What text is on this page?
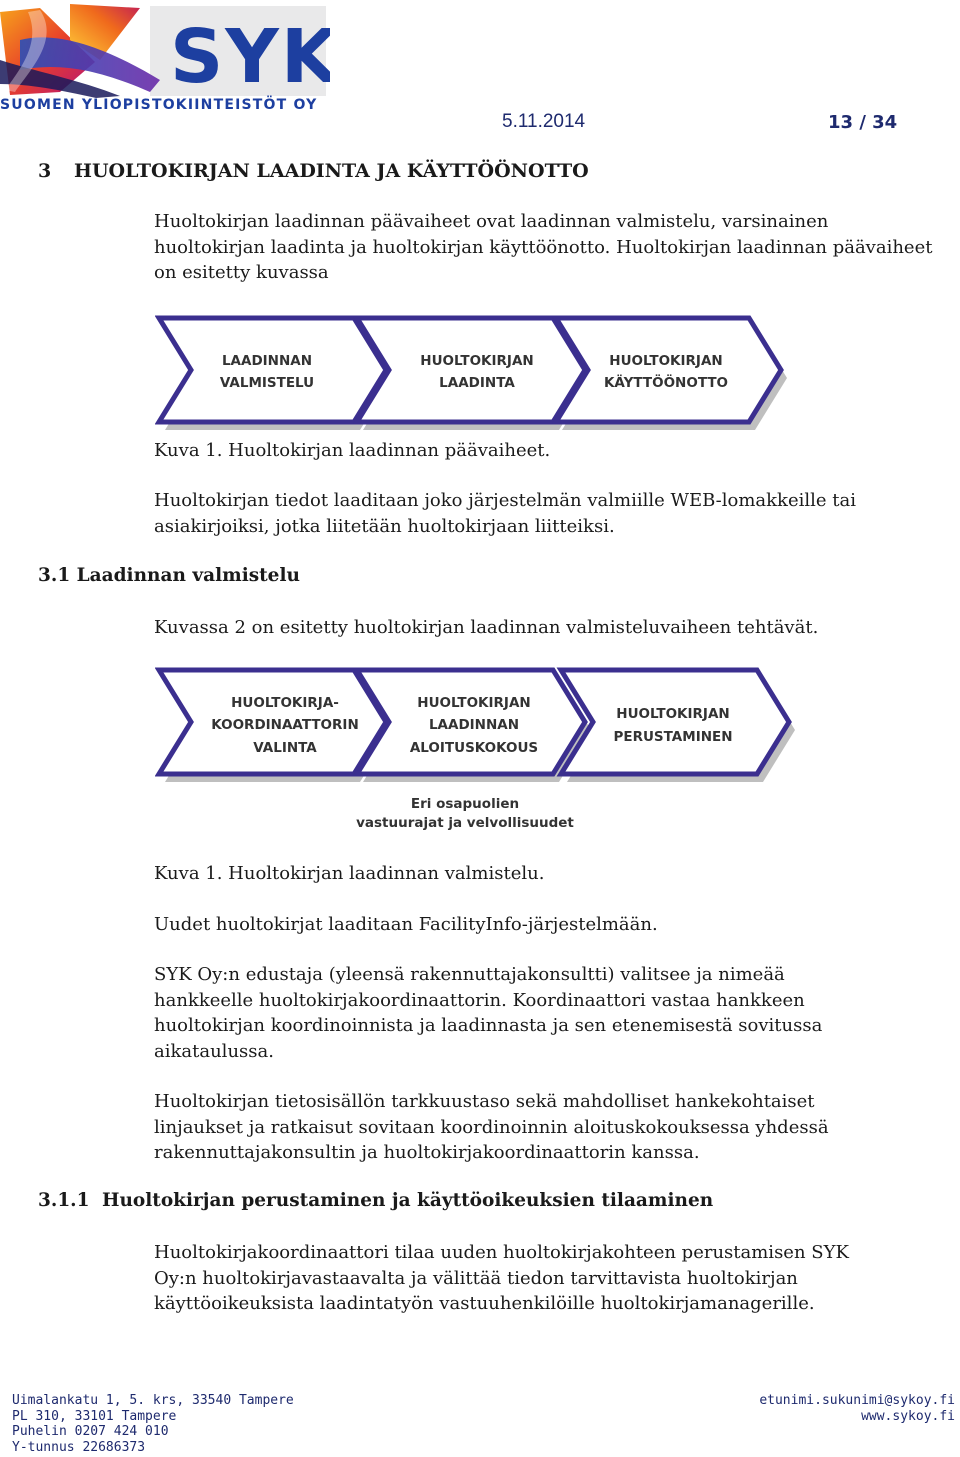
SYK
SUOMEN YLIOPISTOKIINTEISTÖT OY
5.11.2014	13 / 34
3 HUOLTOKIRJAN LAADINTA JA KÄYTTÖÖNOTTO
Huoltokirjan laadinnan päävaiheet ovat laadinnan valmistelu, varsinainen
huoltokirjan laadinta ja huoltokirjan käyttöönotto. Huoltokirjan laadinnan päävaiheet
on esitetty kuvassa
LAADINNAN
VALMISTELU
HUOLTOKIRJAN
LAADINTA
HUOLTOKIRJAN
KÄYTTÖÖNOTTO
Kuva 1. Huoltokirjan laadinnan päävaiheet.
Huoltokirjan tiedot laaditaan joko järjestelmän valmiille WEB-lomakkeille tai
asiakirjoiksi, jotka liitetään huoltokirjaan liitteiksi.
3.1 Laadinnan valmistelu
Kuvassa 2 on esitetty huoltokirjan laadinnan valmisteluvaiheen tehtävät.
HUOLTOKIRJA-
KOORDINAATTORIN
VALINTA
HUOLTOKIRJAN
LAADINNAN
ALOITUSKOKOUS
HUOLTOKIRJAN
PERUSTAMINEN
Eri osapuolien
vastuurajat ja velvollisuudet
Kuva 1. Huoltokirjan laadinnan valmistelu.
Uudet huoltokirjat laaditaan FacilityInfo-järjestelmään.
SYK Oy:n edustaja (yleensä rakennuttajakonsultti) valitsee ja nimeää
hankkeelle huoltokirjakoordinaattorin. Koordinaattori vastaa hankkeen
huoltokirjan koordinoinnista ja laadinnasta ja sen etenemisestä sovitussa
aikataulussa.
Huoltokirjan tietosisällön tarkkuustaso sekä mahdolliset hankekohtaiset
linjaukset ja ratkaisut sovitaan koordinoinnin aloituskokouksessa yhdessä
rakennuttajakonsultin ja huoltokirjakoordinaattorin kanssa.
3.1.1 Huoltokirjan perustaminen ja käyttöoikeuksien tilaaminen
Huoltokirjakoordinaattori tilaa uuden huoltokirjakohteen perustamisen SYK
Oy:n huoltokirjavastaavalta ja välittää tiedon tarvittavista huoltokirjan
käyttöoikeuksista laadintatyön vastuuhenkilöille huoltokirjamanagerille.
Uimalankatu 1, 5. krs, 33540 Tampere
PL 310, 33101 Tampere
Puhelin 0207 424 010
Y-tunnus 22686373
etunimi.sukunimi@sykoy.fi
www.sykoy.fi
